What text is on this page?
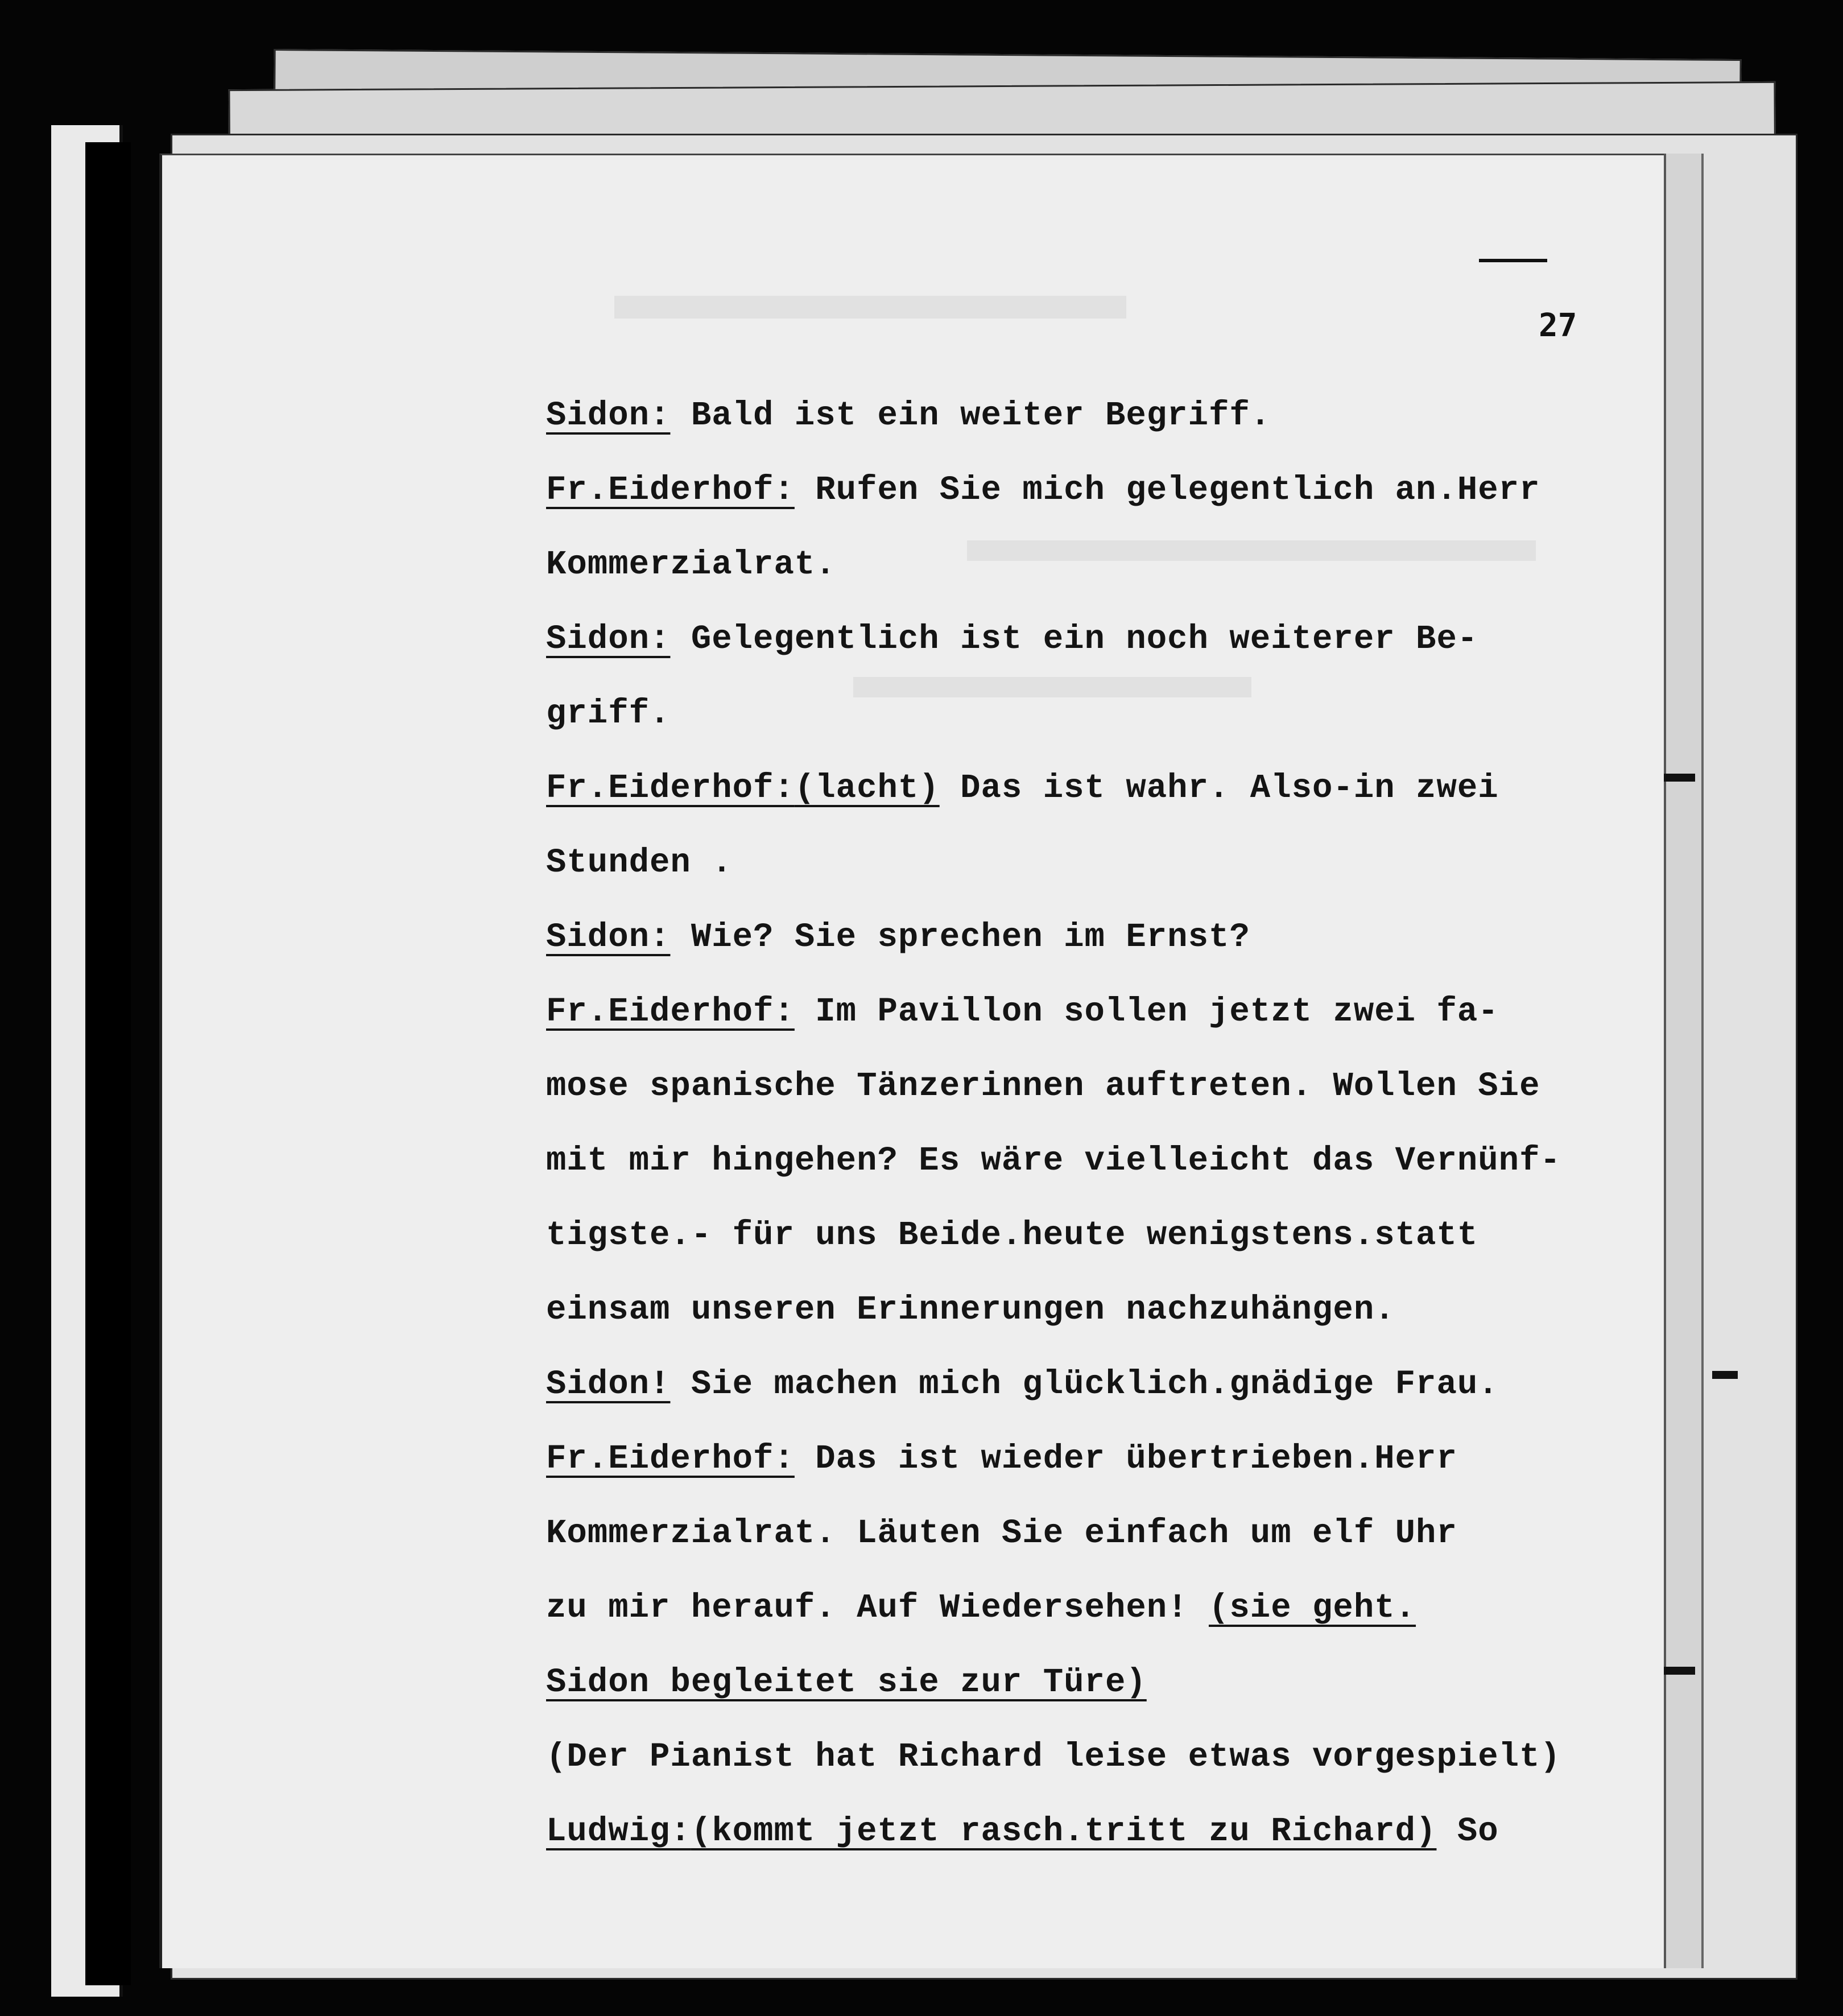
27
Sidon: Bald ist ein weiter Begriff.
Fr.Eiderhof: Rufen Sie mich gelegentlich an.Herr
Kommerzialrat.
Sidon: Gelegentlich ist ein noch weiterer Be-
griff.
Fr.Eiderhof:(lacht) Das ist wahr. Also-in zwei
Stunden .
Sidon: Wie? Sie sprechen im Ernst?
Fr.Eiderhof: Im Pavillon sollen jetzt zwei fa-
mose spanische Tänzerinnen auftreten. Wollen Sie
mit mir hingehen? Es wäre vielleicht das Vernünf-
tigste.- für uns Beide.heute wenigstens.statt
einsam unseren Erinnerungen nachzuhängen.
Sidon! Sie machen mich glücklich.gnädige Frau.
Fr.Eiderhof: Das ist wieder übertrieben.Herr
Kommerzialrat. Läuten Sie einfach um elf Uhr
zu mir herauf. Auf Wiedersehen! (sie geht.
Sidon begleitet sie zur Türe)
(Der Pianist hat Richard leise etwas vorgespielt)
Ludwig:(kommt jetzt rasch.tritt zu Richard) So
